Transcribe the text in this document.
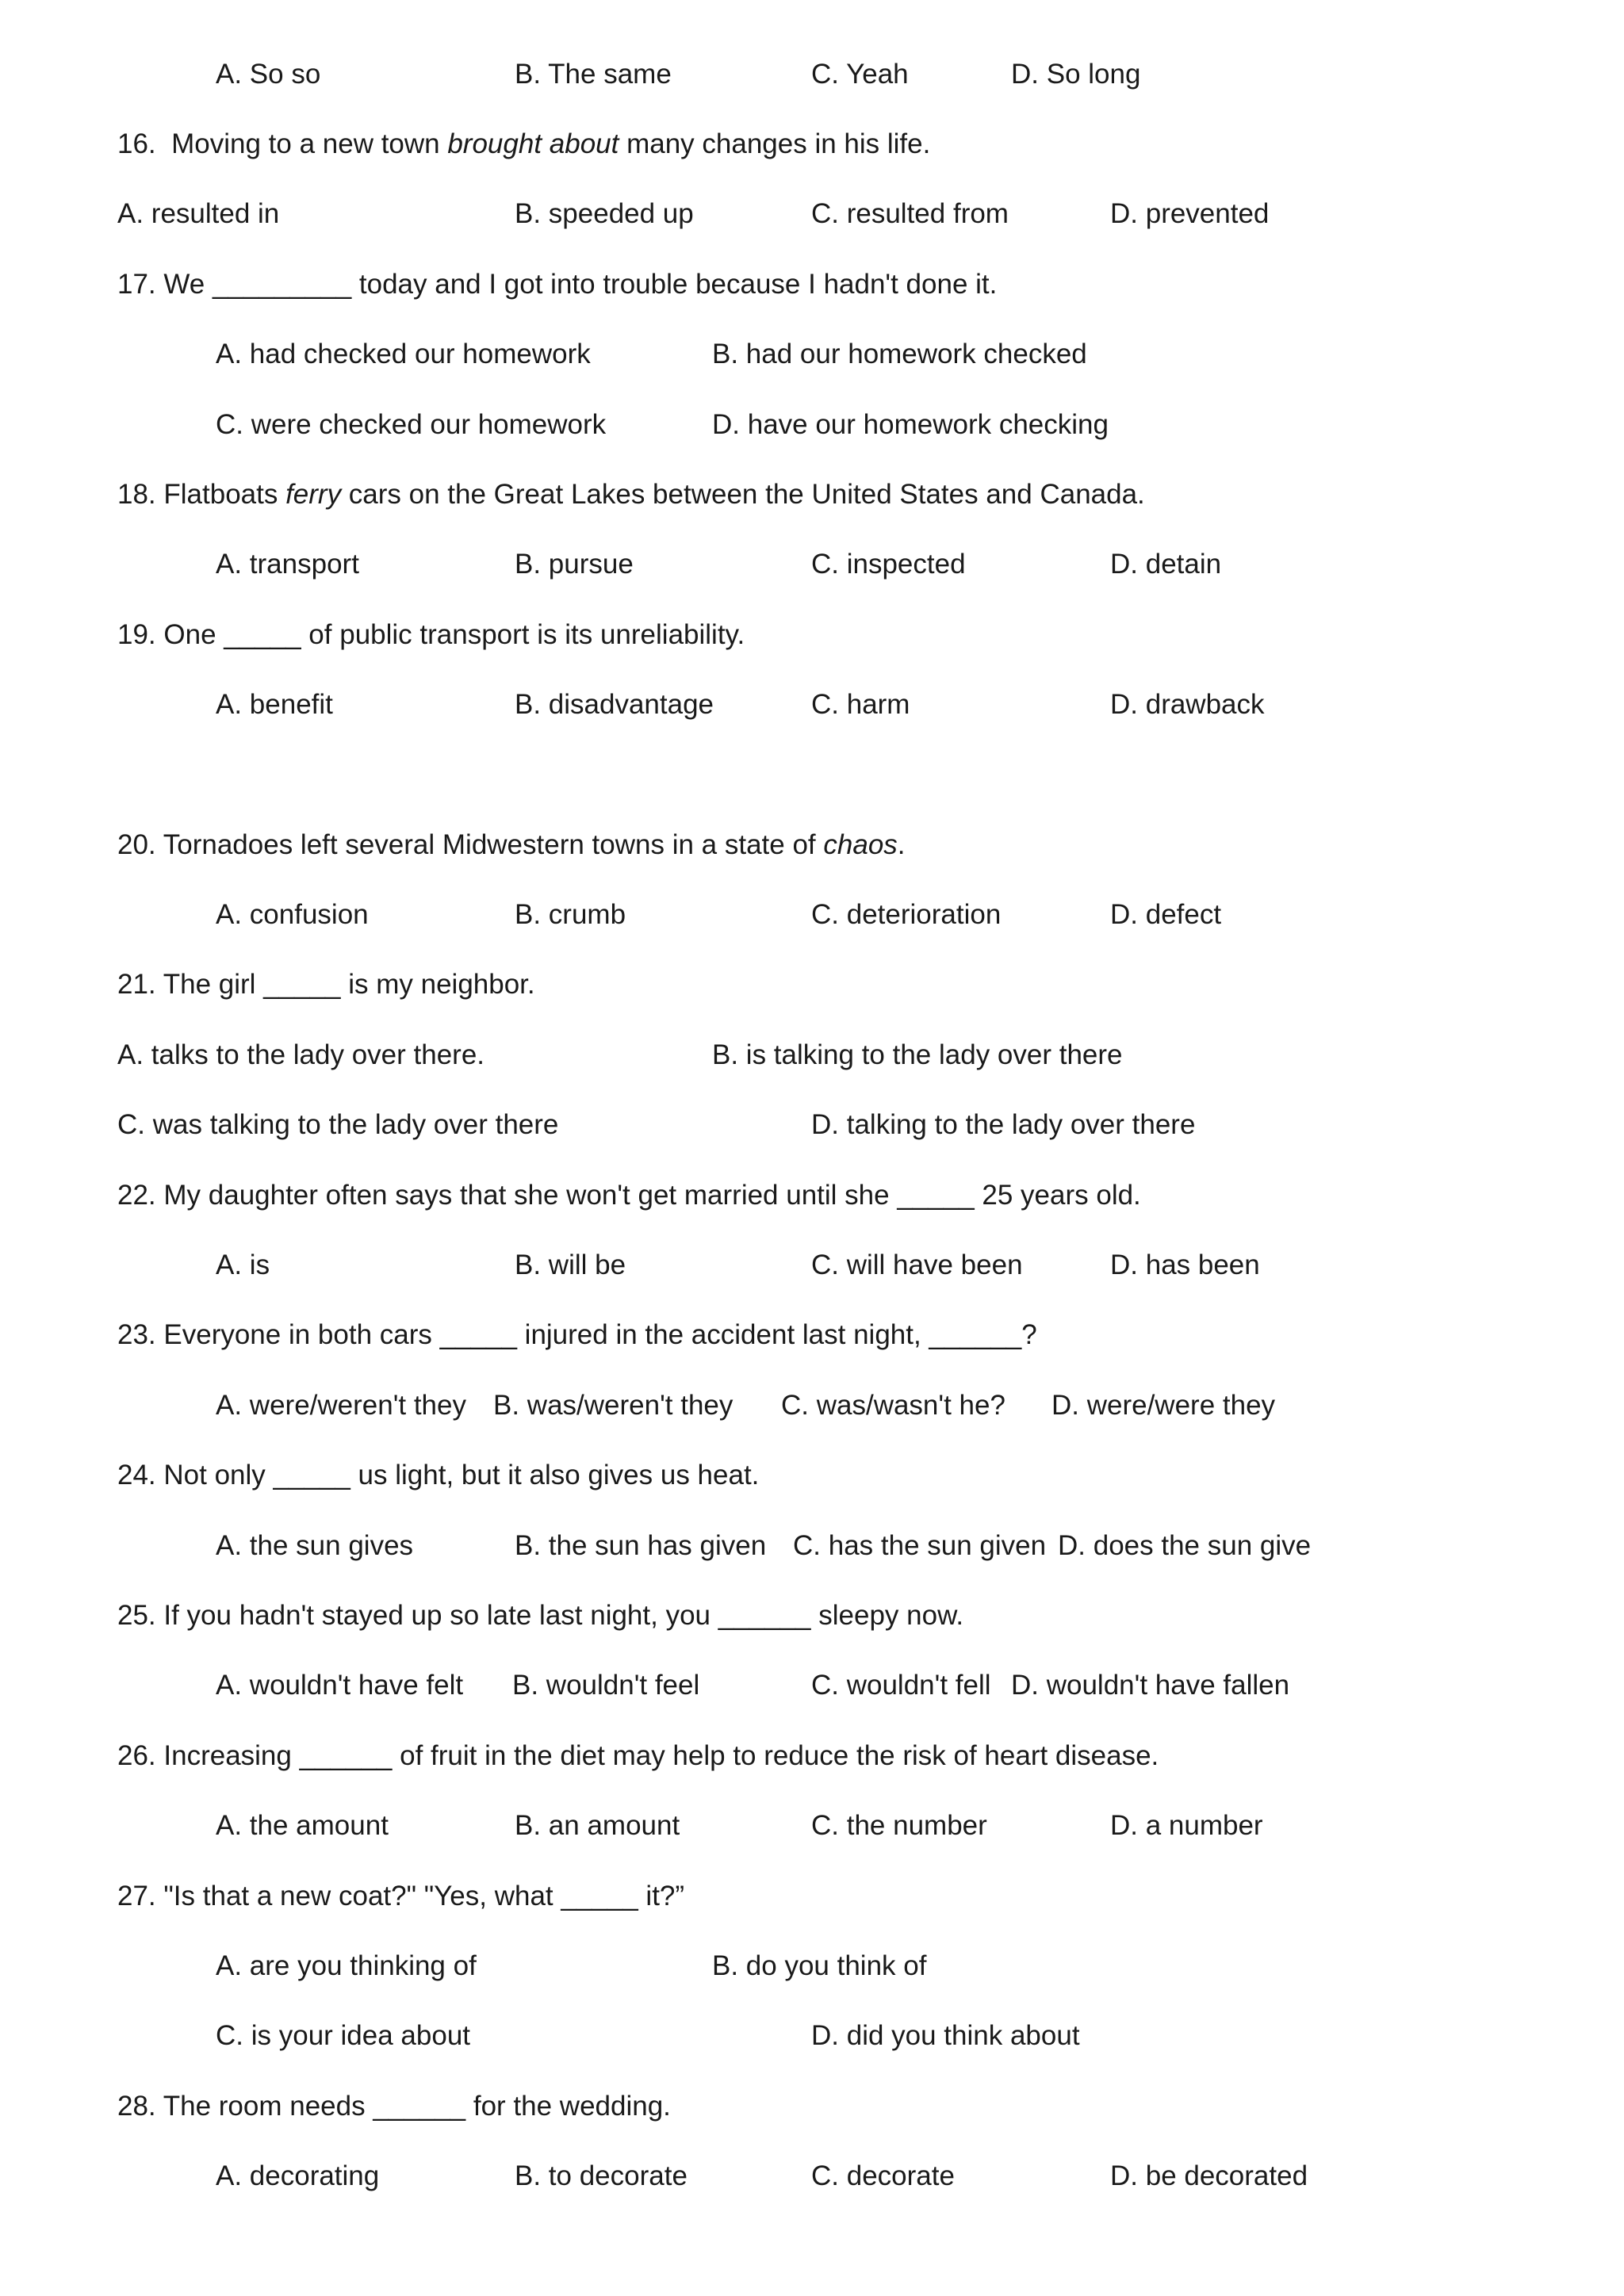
A. So so	B. The same	C. Yeah	D. So long
16.  Moving to a new town brought about many changes in his life.
A. resulted in	B. speeded up	C. resulted from	D. prevented
17. We _________ today and I got into trouble because I hadn't done it.
A. had checked our homework	B. had our homework checked
C. were checked our homework	D. have our homework checking
18. Flatboats ferry cars on the Great Lakes between the United States and Canada.
A. transport	B. pursue	C. inspected	D. detain
19. One _____ of public transport is its unreliability.
A. benefit	B. disadvantage	C. harm	D. drawback
20. Tornadoes left several Midwestern towns in a state of chaos.
A. confusion	B. crumb	C. deterioration	D. defect
21. The girl _____ is my neighbor.
A. talks to the lady over there.	B. is talking to the lady over there
C. was talking to the lady over there	D. talking to the lady over there
22. My daughter often says that she won't get married until she _____ 25 years old.
A. is	B. will be	C. will have been	D. has been
23. Everyone in both cars _____ injured in the accident last night, ______?
A. were/weren't they B. was/weren't they C. was/wasn't he? D. were/were they
24. Not only _____ us light, but it also gives us heat.
A. the sun gives	B. the sun has given C. has the sun given D. does the sun give
25. If you hadn't stayed up so late last night, you ______ sleepy now.
A. wouldn't have felt B. wouldn't feel	C. wouldn't fell D. wouldn't have fallen
26. Increasing ______ of fruit in the diet may help to reduce the risk of heart disease.
A. the amount	B. an amount	C. the number	D. a number
27. "Is that a new coat?" "Yes, what _____ it?”
A. are you thinking of	B. do you think of
C. is your idea about	D. did you think about
28. The room needs ______ for the wedding.
A. decorating	B. to decorate	C. decorate	D. be decorated
